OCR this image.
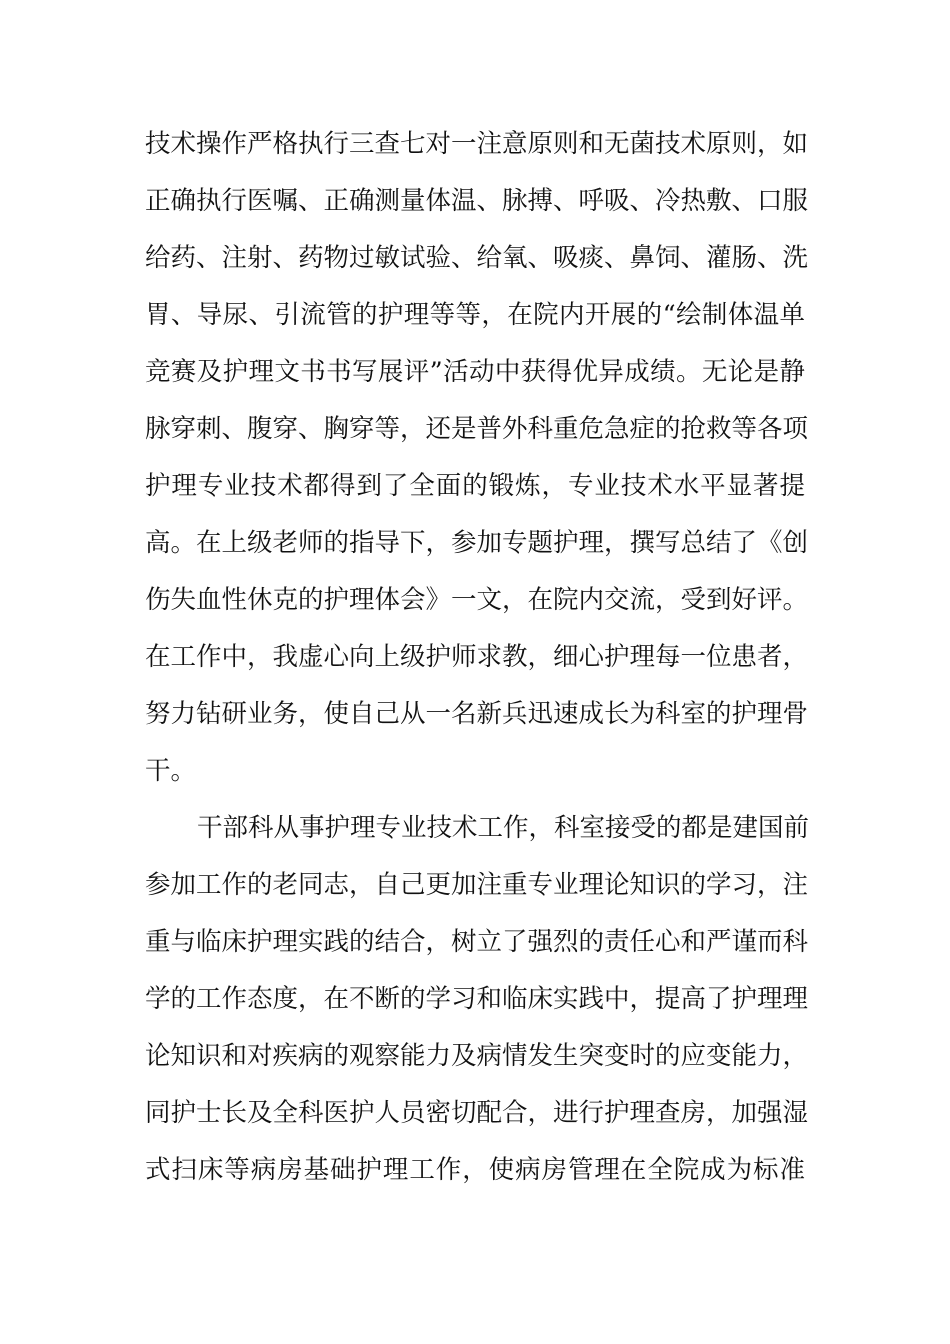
技术操作严格执行三查七对一注意原则和无菌技术原则，如
正确执行医嘱、正确测量体温、脉搏、呼吸、冷热敷、口服
给药、注射、药物过敏试验、给氧、吸痰、鼻饲、灌肠、洗
胃、导尿、引流管的护理等等，在院内开展的“绘制体温单
竞赛及护理文书书写展评”活动中获得优异成绩。无论是静
脉穿刺、腹穿、胸穿等，还是普外科重危急症的抢救等各项
护理专业技术都得到了全面的锻炼，专业技术水平显著提
高。在上级老师的指导下，参加专题护理，撰写总结了《创
伤失血性休克的护理体会》一文，在院内交流，受到好评。
在工作中，我虚心向上级护师求教，细心护理每一位患者，
努力钻研业务，使自己从一名新兵迅速成长为科室的护理骨
干。
干部科从事护理专业技术工作，科室接受的都是建国前
参加工作的老同志，自己更加注重专业理论知识的学习，注
重与临床护理实践的结合，树立了强烈的责任心和严谨而科
学的工作态度，在不断的学习和临床实践中，提高了护理理
论知识和对疾病的观察能力及病情发生突变时的应变能力，
同护士长及全科医护人员密切配合，进行护理查房，加强湿
式扫床等病房基础护理工作，使病房管理在全院成为标准
